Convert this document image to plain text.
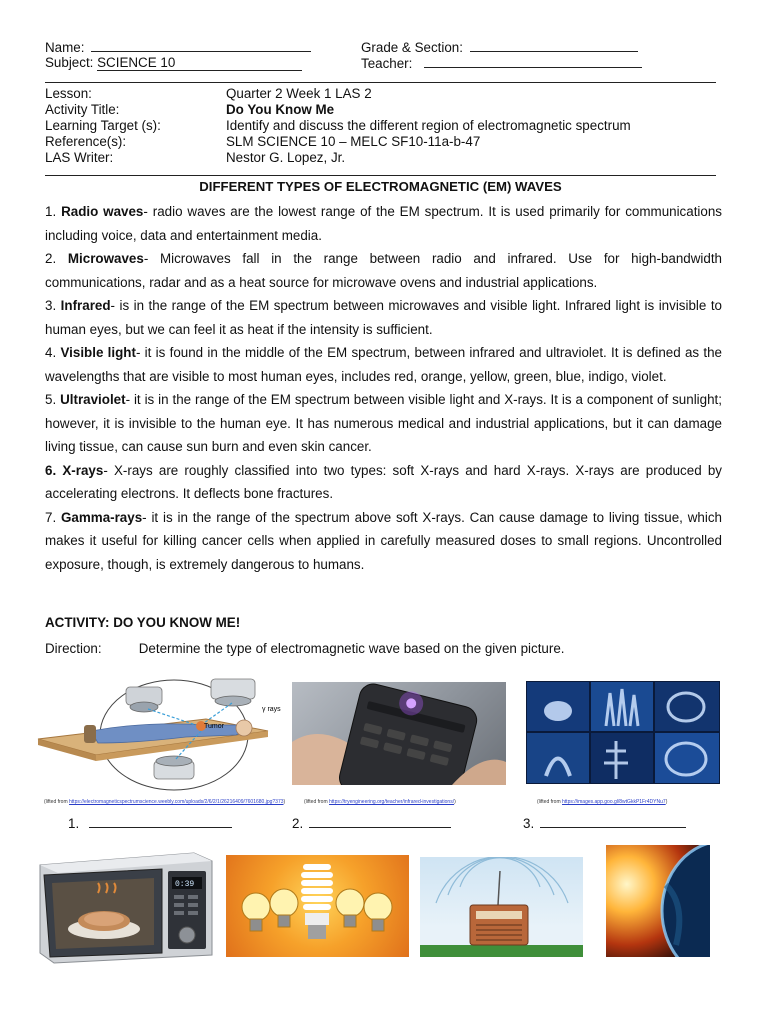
Name:	Grade & Section:
Subject: SCIENCE 10	Teacher:
Lesson:	Quarter 2 Week 1 LAS 2
Activity Title:	Do You Know Me
Learning Target (s):	Identify and discuss the different region of electromagnetic spectrum
Reference(s):	SLM SCIENCE 10 – MELC SF10-11a-b-47
LAS Writer:	Nestor G. Lopez, Jr.
DIFFERENT TYPES OF ELECTROMAGNETIC (EM) WAVES

1. Radio waves- radio waves are the lowest range of the EM spectrum. It is used primarily for communications including voice, data and entertainment media.

2. Microwaves- Microwaves fall in the range between radio and infrared. Use for high-bandwidth communications, radar and as a heat source for microwave ovens and industrial applications.

3. Infrared- is in the range of the EM spectrum between microwaves and visible light. Infrared light is invisible to human eyes, but we can feel it as heat if the intensity is sufficient.

4. Visible light- it is found in the middle of the EM spectrum, between infrared and ultraviolet. It is defined as the wavelengths that are visible to most human eyes, includes red, orange, yellow, green, blue, indigo, violet.

5. Ultraviolet- it is in the range of the EM spectrum between visible light and X-rays. It is a component of sunlight; however, it is invisible to the human eye. It has numerous medical and industrial applications, but it can damage living tissue, can cause sun burn and even skin cancer.

6. X-rays- X-rays are roughly classified into two types: soft X-rays and hard X-rays. X-rays are produced by accelerating electrons. It deflects bone fractures.

7. Gamma-rays- it is in the range of the spectrum above soft X-rays. Can cause damage to living tissue, which makes it useful for killing cancer cells when applied in carefully measured doses to small regions. Uncontrolled exposure, though, is extremely dangerous to humans.

ACTIVITY: DO YOU KNOW ME!
Direction:	Determine the type of electromagnetic wave based on the given picture.
Tumor
γ rays
(lifted from https://electromagneticspectrumscience.weebly.com/uploads/2/6/2/1/26216409/7601680.jpg?373)	(lifted from https://tryengineering.org/teacher/infrared-investigations/)	(lifted from https://images.app.goo.gl/8wtGkkP1Fr4DYNu7)
1.	2.	3.
0:39
